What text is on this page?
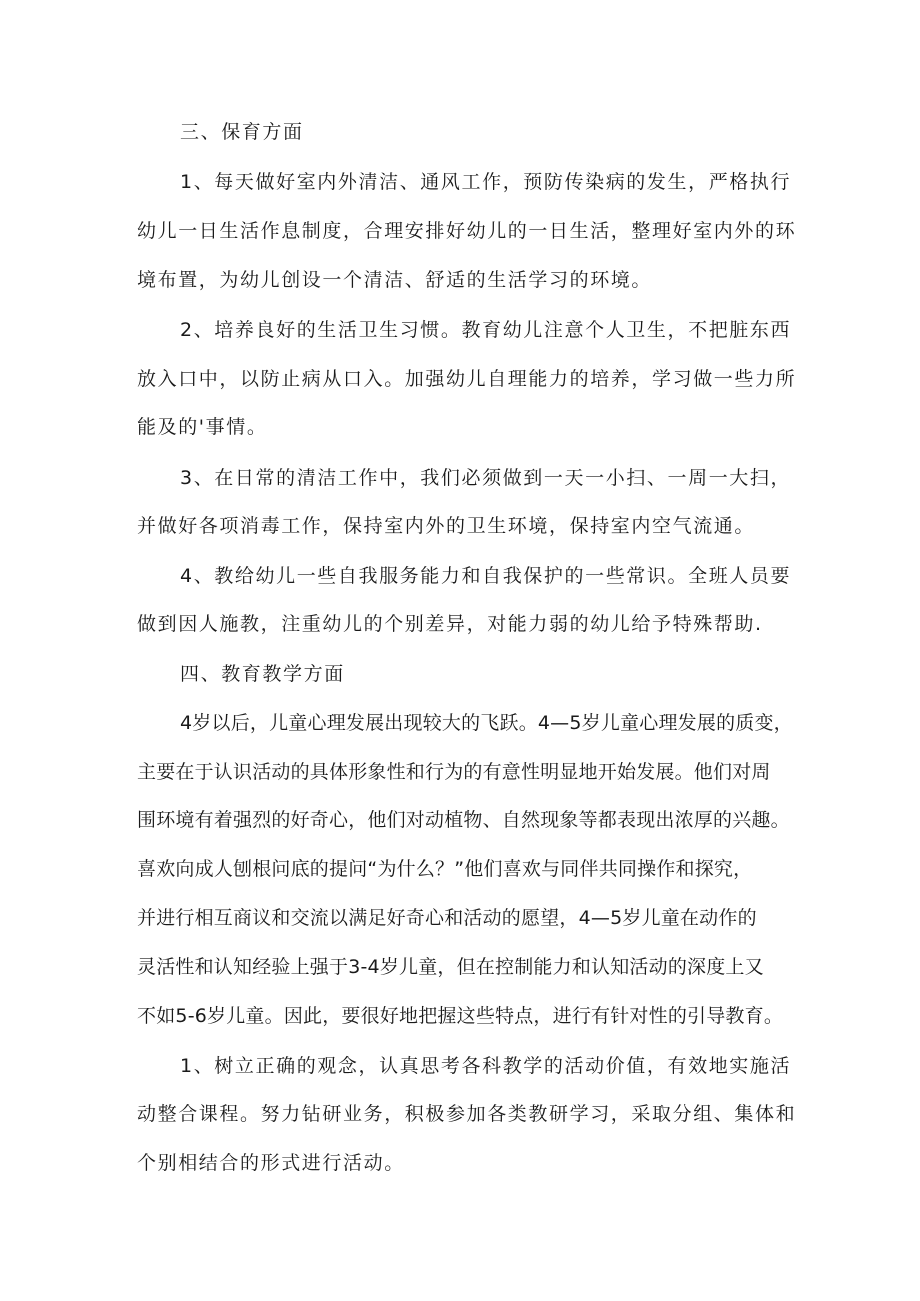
三、保育方面
1、每天做好室内外清洁、通风工作，预防传染病的发生，严格执行
幼儿一日生活作息制度，合理安排好幼儿的一日生活，整理好室内外的环
境布置，为幼儿创设一个清洁、舒适的生活学习的环境。
2、培养良好的生活卫生习惯。教育幼儿注意个人卫生，不把脏东西
放入口中，以防止病从口入。加强幼儿自理能力的培养，学习做一些力所
能及的'事情。
3、在日常的清洁工作中，我们必须做到一天一小扫、一周一大扫，
并做好各项消毒工作，保持室内外的卫生环境，保持室内空气流通。
4、教给幼儿一些自我服务能力和自我保护的一些常识。全班人员要
做到因人施教，注重幼儿的个别差异，对能力弱的幼儿给予特殊帮助.
四、教育教学方面
4岁以后，儿童心理发展出现较大的飞跃。4—5岁儿童心理发展的质变，
主要在于认识活动的具体形象性和行为的有意性明显地开始发展。他们对周
围环境有着强烈的好奇心，他们对动植物、自然现象等都表现出浓厚的兴趣。
喜欢向成人刨根问底的提问“为什么？”他们喜欢与同伴共同操作和探究，
并进行相互商议和交流以满足好奇心和活动的愿望，4—5岁儿童在动作的
灵活性和认知经验上强于3-4岁儿童，但在控制能力和认知活动的深度上又
不如5-6岁儿童。因此，要很好地把握这些特点，进行有针对性的引导教育。
1、树立正确的观念，认真思考各科教学的活动价值，有效地实施活
动整合课程。努力钻研业务，积极参加各类教研学习，采取分组、集体和
个别相结合的形式进行活动。
